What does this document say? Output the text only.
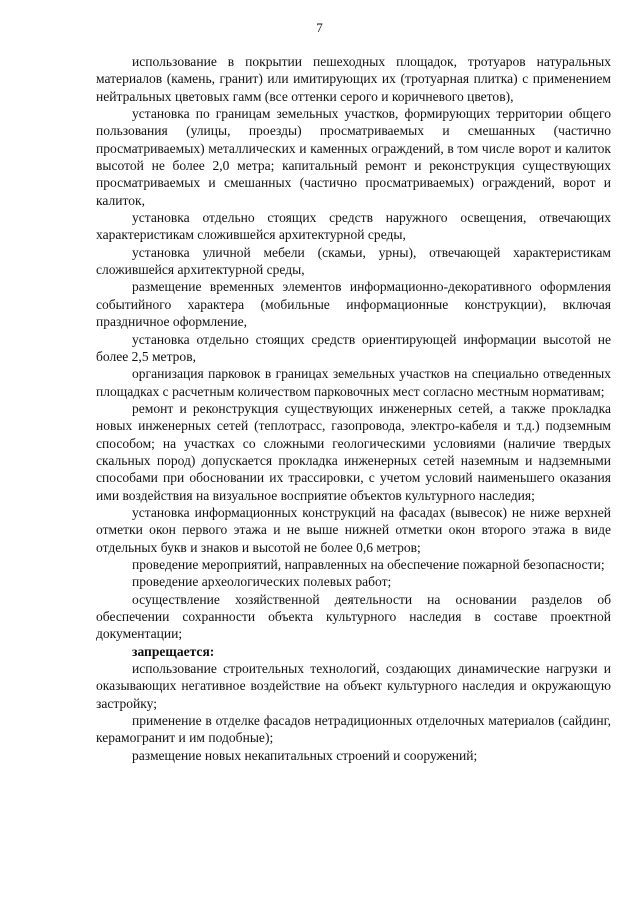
7

использование в покрытии пешеходных площадок, тротуаров натуральных материалов (камень, гранит) или имитирующих их (тротуарная плитка) с применением нейтральных цветовых гамм (все оттенки серого и коричневого цветов),

установка по границам земельных участков, формирующих территории общего пользования (улицы, проезды) просматриваемых и смешанных (частично просматриваемых) металлических и каменных ограждений, в том числе ворот и калиток высотой не более 2,0 метра; капитальный ремонт и реконструкция существующих просматриваемых и смешанных (частично просматриваемых) ограждений, ворот и калиток,

установка отдельно стоящих средств наружного освещения, отвечающих характеристикам сложившейся архитектурной среды,

установка уличной мебели (скамьи, урны), отвечающей характеристикам сложившейся архитектурной среды,

размещение временных элементов информационно-декоративного оформления событийного характера (мобильные информационные конструкции), включая праздничное оформление,

установка отдельно стоящих средств ориентирующей информации высотой не более 2,5 метров,

организация парковок в границах земельных участков на специально отведенных площадках с расчетным количеством парковочных мест согласно местным нормативам;

ремонт и реконструкция существующих инженерных сетей, а также прокладка новых инженерных сетей (теплотрасс, газопровода, электро-кабеля и т.д.) подземным способом; на участках со сложными геологическими условиями (наличие твердых скальных пород) допускается прокладка инженерных сетей наземным и надземными способами при обосновании их трассировки, с учетом условий наименьшего оказания ими воздействия на визуальное восприятие объектов культурного наследия;

установка информационных конструкций на фасадах (вывесок) не ниже верхней отметки окон первого этажа и не выше нижней отметки окон второго этажа в виде отдельных букв и знаков и высотой не более 0,6 метров;

проведение мероприятий, направленных на обеспечение пожарной безопасности;

проведение археологических полевых работ;

осуществление хозяйственной деятельности на основании разделов об обеспечении сохранности объекта культурного наследия в составе проектной документации;

запрещается:

использование строительных технологий, создающих динамические нагрузки и оказывающих негативное воздействие на объект культурного наследия и окружающую застройку;

применение в отделке фасадов нетрадиционных отделочных материалов (сайдинг, керамогранит и им подобные);

размещение новых некапитальных строений и сооружений;
